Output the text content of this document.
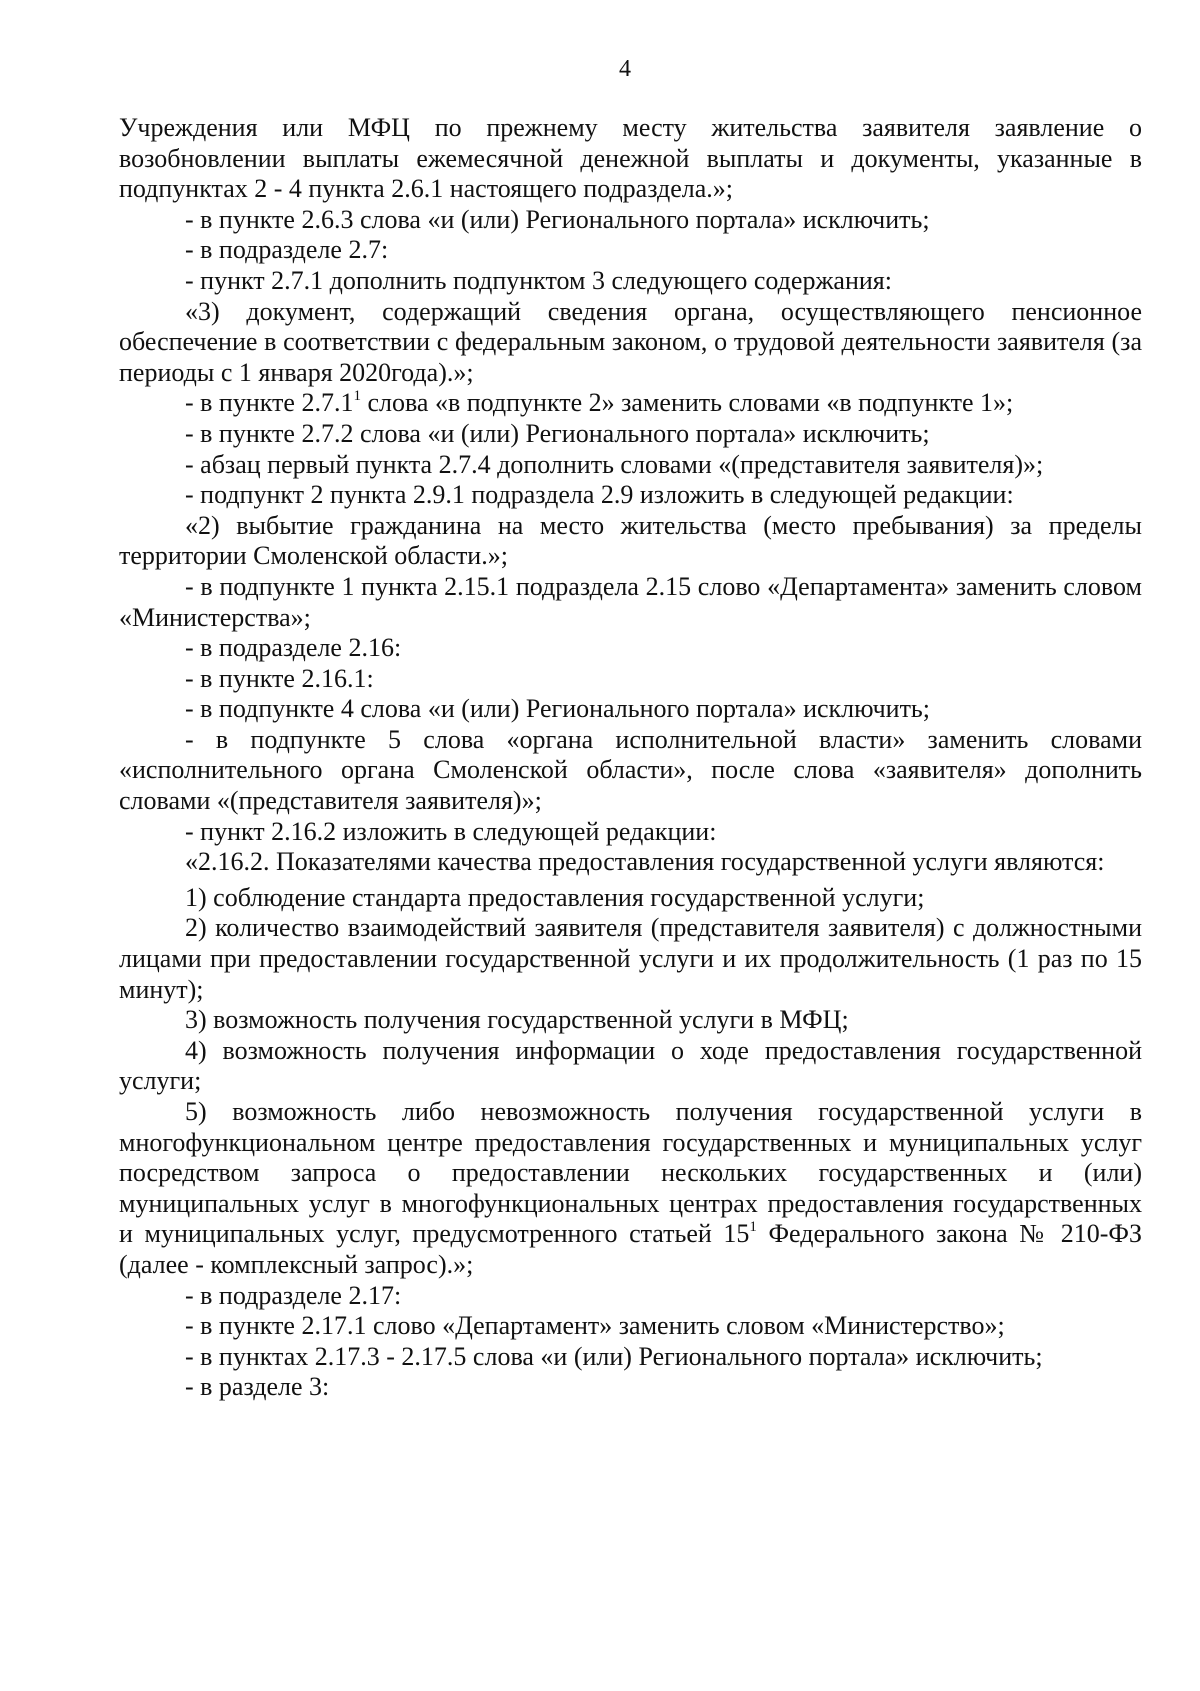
4

Учреждения или МФЦ по прежнему месту жительства заявителя заявление о возобновлении выплаты ежемесячной денежной выплаты и документы, указанные в подпунктах 2 - 4 пункта 2.6.1 настоящего подраздела.»;

- в пункте 2.6.3 слова «и (или) Регионального портала» исключить;

- в подразделе 2.7:

- пункт 2.7.1 дополнить подпунктом 3 следующего содержания:

«3) документ, содержащий сведения органа, осуществляющего пенсионное обеспечение в соответствии с федеральным законом, о трудовой деятельности заявителя (за периоды с 1 января 2020года).»;

- в пункте 2.7.1$^1$ слова «в подпункте 2» заменить словами «в подпункте 1»;

- в пункте 2.7.2 слова «и (или) Регионального портала» исключить;

- абзац первый пункта 2.7.4 дополнить словами «(представителя заявителя)»;

- подпункт 2 пункта 2.9.1 подраздела 2.9 изложить в следующей редакции:

«2) выбытие гражданина на место жительства (место пребывания) за пределы территории Смоленской области.»;

- в подпункте 1 пункта 2.15.1 подраздела 2.15 слово «Департамента» заменить словом «Министерства»;

- в подразделе 2.16:

- в пункте 2.16.1:

- в подпункте 4 слова «и (или) Регионального портала» исключить;

- в подпункте 5 слова «органа исполнительной власти» заменить словами «исполнительного органа Смоленской области», после слова «заявителя» дополнить словами «(представителя заявителя)»;

- пункт 2.16.2 изложить в следующей редакции:

«2.16.2. Показателями качества предоставления государственной услуги являются:

1) соблюдение стандарта предоставления государственной услуги;

2) количество взаимодействий заявителя (представителя заявителя) с должностными лицами при предоставлении государственной услуги и их продолжительность (1 раз по 15 минут);

3) возможность получения государственной услуги в МФЦ;

4) возможность получения информации о ходе предоставления государственной услуги;

5) возможность либо невозможность получения государственной услуги в многофункциональном центре предоставления государственных и муниципальных услуг посредством запроса о предоставлении нескольких государственных и (или) муниципальных услуг в многофункциональных центрах предоставления государственных и муниципальных услуг, предусмотренного статьей $15^1$ Федерального закона № 210-ФЗ (далее - комплексный запрос).»;

- в подразделе 2.17:

- в пункте 2.17.1 слово «Департамент» заменить словом «Министерство»;

- в пунктах 2.17.3 - 2.17.5 слова «и (или) Регионального портала» исключить;

- в разделе 3:
